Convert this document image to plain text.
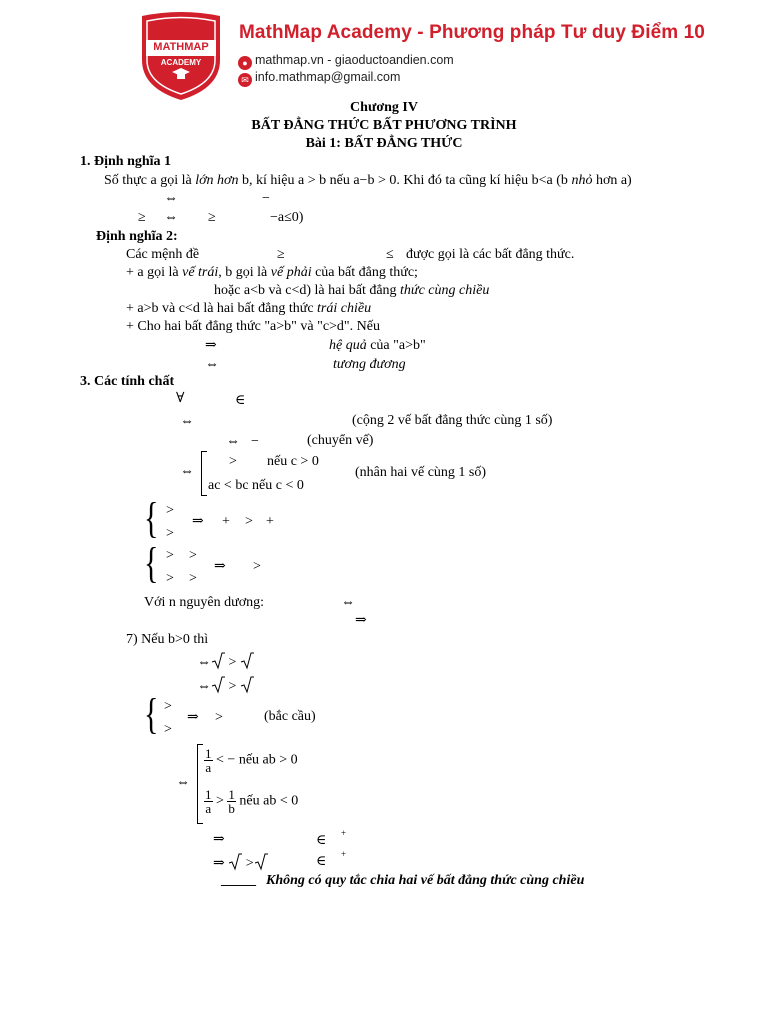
MATHMAP
ACADEMY
MathMap Academy - Phương pháp Tư duy Điểm 10
● mathmap.vn - giaoductoandien.com
✉ info.mathmap@gmail.com
Chương IV
BẤT ĐẲNG THỨC BẤT PHƯƠNG TRÌNH
Bài 1: BẤT ĐẲNG THỨC
1. Định nghĩa 1
Số thực a gọi là lớn hơn b, kí hiệu a > b nếu a−b > 0. Khi đó ta cũng kí hiệu b<a (b nhỏ hơn a)
⇔	−
≥ ⇔ ≥	−a≤0)
Định nghĩa 2:
Các mệnh đề	≥	≤ được gọi là các bất đẳng thức.
+ a gọi là vế trái, b gọi là vế phải của bất đẳng thức;
hoặc a<b và c<d) là hai bất đẳng thức cùng chiều
+ a>b và c<d là hai bất đẳng thức trái chiều
+ Cho hai bất đẳng thức "a>b" và "c>d". Nếu
⇒	hệ quả của "a>b"
⇔	tương đương
3. Các tính chất
∀	∈
⇔	(cộng 2 vế bất đẳng thức cùng 1 số)
⇔ −	(chuyển vế)
⇔
> nếu c > 0
ac < bc nếu c < 0
(nhân hai vế cùng 1 số)
{ >
>
⇒ + > +
{ > >
> >
⇒ >
Với n nguyên dương:	⇔
⇒
7) Nếu b>0 thì
⇔ >
⇔ >
{ >
>
⇒ >	(bắc cầu)
⇔
$\frac{1}{a}$ < − nếu ab > 0
$\frac{1}{a} > \frac{1}{b}$ nếu ab < 0
⇒	∈ +
⇒ >	∈ +
_____ Không có quy tắc chia hai vế bất đẳng thức cùng chiều
